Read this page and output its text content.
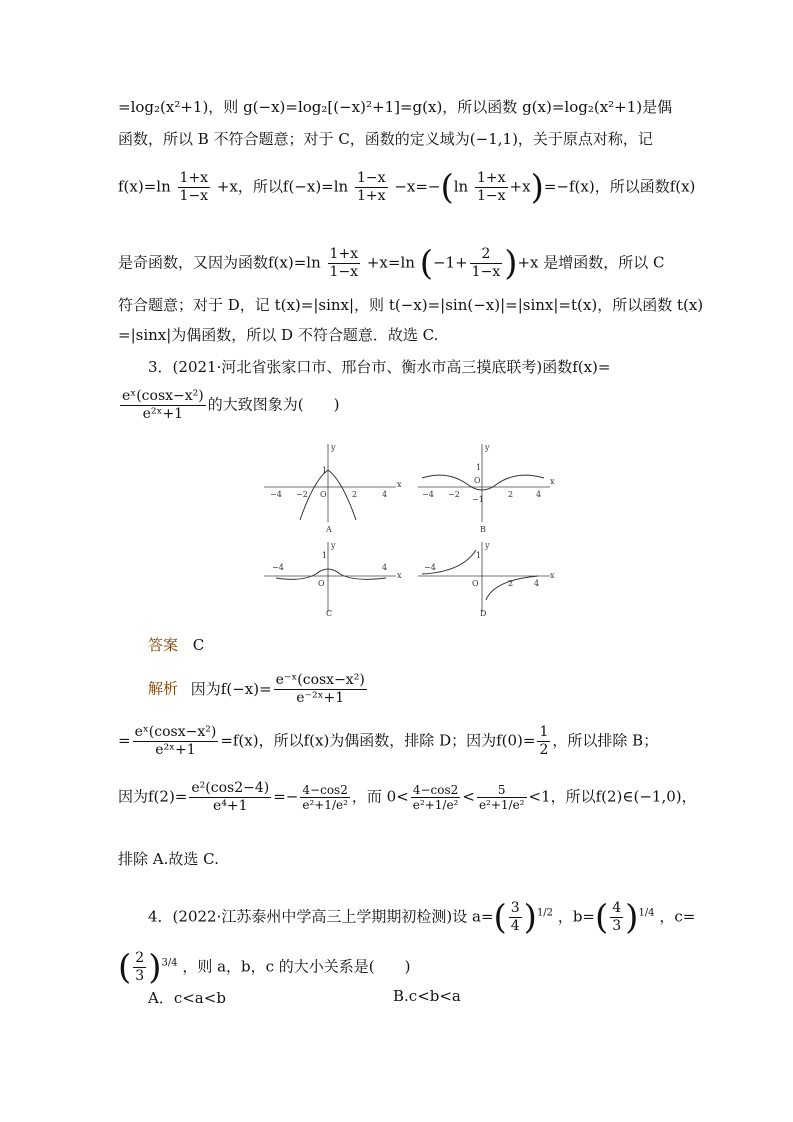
=log₂(x²+1)，则 g(−x)=log₂[(−x)²+1]=g(x)，所以函数 g(x)=log₂(x²+1)是偶
函数，所以 B 不符合题意；对于 C，函数的定义域为(−1,1)，关于原点对称，记
$f(x)=\ln \frac{1+x}{1-x} +x$，所以$f(-x)=\ln \frac{1-x}{1+x} -x=-(\ln \frac{1+x}{1-x} +x)=-f(x)$，所以函数f(x)
是奇函数，又因为函数$f(x)=\ln \frac{1+x}{1-x} +x=\ln$ $(-1+ \frac{2}{1-x} )+x$ 是增函数，所以 C
符合题意；对于 D，记 t(x)=|sinx|，则 t(−x)=|sin(−x)|=|sinx|=t(x)，所以函数 t(x)
=|sinx|为偶函数，所以 D 不符合题意．故选 C.
3．(2021·河北省张家口市、邢台市、衡水市高三摸底联考)函数f(x)=
$\frac{\text{eˣ(cosx−x²)}}{\text{e²ˣ+1}}$ 的大致图象为(　　)
−4 −2 O	2	4
1
x
y
A
−4 −2
O
2	4
1
−1
x
y
B
−4
O
4
1
x
y
C
−4
O	2	4
1
x
y
D
答案 C
解析 因为$f(-x)= \frac{\text{e⁻ˣ(cosx−x²)}}{\text{e⁻²ˣ+1}}$
= $\frac{\text{eˣ(cosx−x²)}}{\text{e²ˣ+1}} =f(x)$，所以f(x)为偶函数，排除 D；因为$f(0)= \frac{1}{2}$ ，所以排除 B；
因为$f(2)= \frac{\text{e²(cos2−4)}}{\text{e⁴+1}} =- \frac{4-\cos 2}{\text{e²+1/e²}}$ ，而 $0< \frac{4-\cos 2}{\text{e²+1/e²}} < \frac{5}{\text{e²+1/e²}} <1$，所以f(2)∈(−1,0)，
排除 A.故选 C.
4．(2022·江苏泰州中学高三上学期期初检测)设 $a=( \frac{3}{4} )^{1/2}$ ，$b=( \frac{4}{3} )^{1/4}$ ，c=
( $\frac{2}{3} )^{3/4}$ ，则 a，b，c 的大小关系是(　　)
A．c<a<b	B.c<b<a
